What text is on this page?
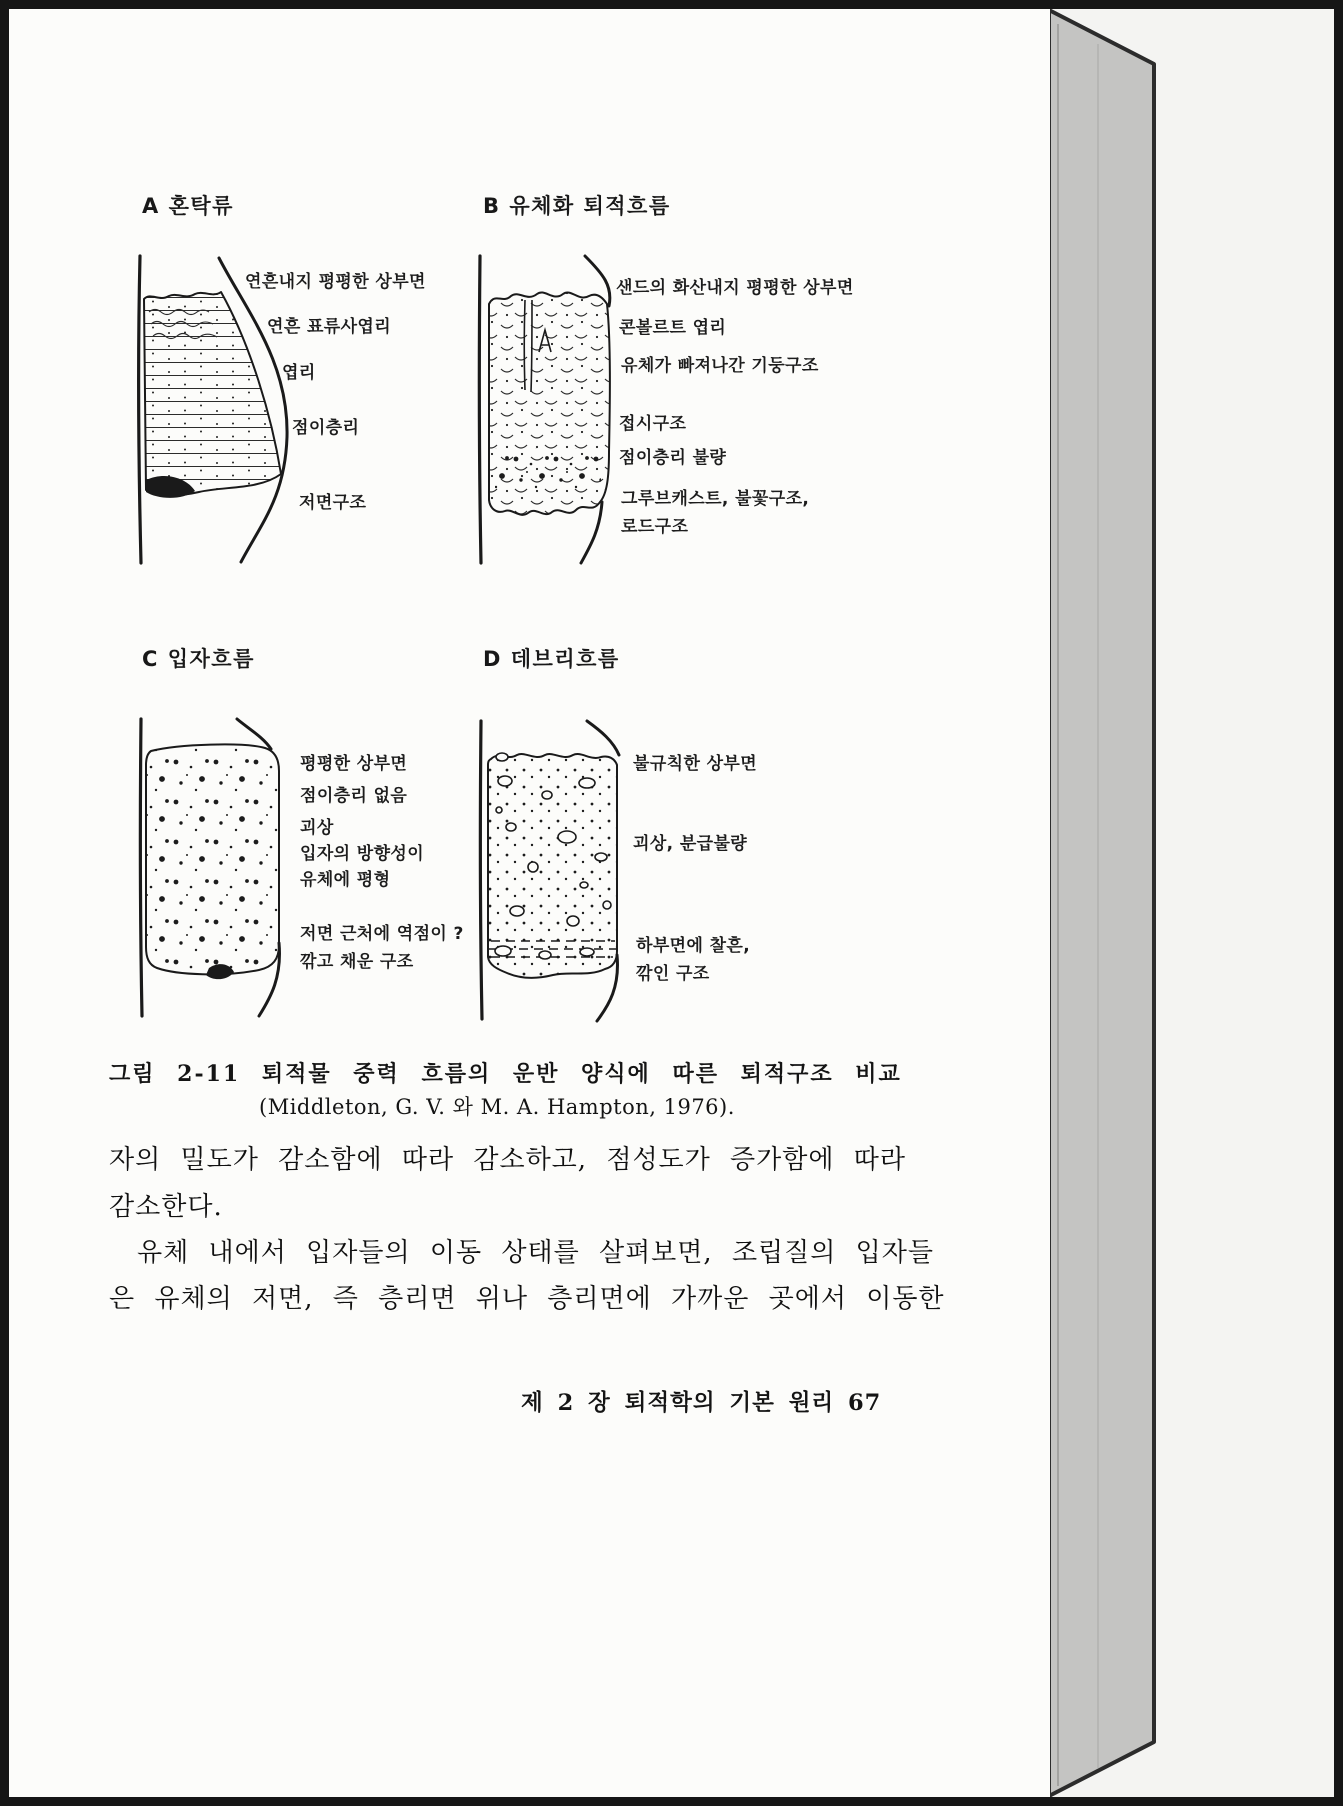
A 혼탁류	B 유체화 퇴적흐름
C 입자흐름	D 데브리흐름
연흔내지 평평한 상부면
연흔 표류사엽리
엽리
점이층리
저면구조
샌드의 화산내지 평평한 상부면
콘볼르트 엽리
유체가 빠져나간 기둥구조
접시구조
점이층리 불량
그루브캐스트, 불꽃구조,
로드구조
평평한 상부면
점이층리 없음
괴상
입자의 방향성이
유체에 평형
저면 근처에 역점이 ?
깎고 채운 구조
불규칙한 상부면
괴상, 분급불량
하부면에 찰흔,
깎인 구조
그림 2-11 퇴적물 중력 흐름의 운반 양식에 따른 퇴적구조 비교
(Middleton, G. V. 와 M. A. Hampton, 1976).
자의 밀도가 감소함에 따라 감소하고, 점성도가 증가함에 따라
감소한다.
유체 내에서 입자들의 이동 상태를 살펴보면, 조립질의 입자들
은 유체의 저면, 즉 층리면 위나 층리면에 가까운 곳에서 이동한
제 2 장 퇴적학의 기본 원리 67
